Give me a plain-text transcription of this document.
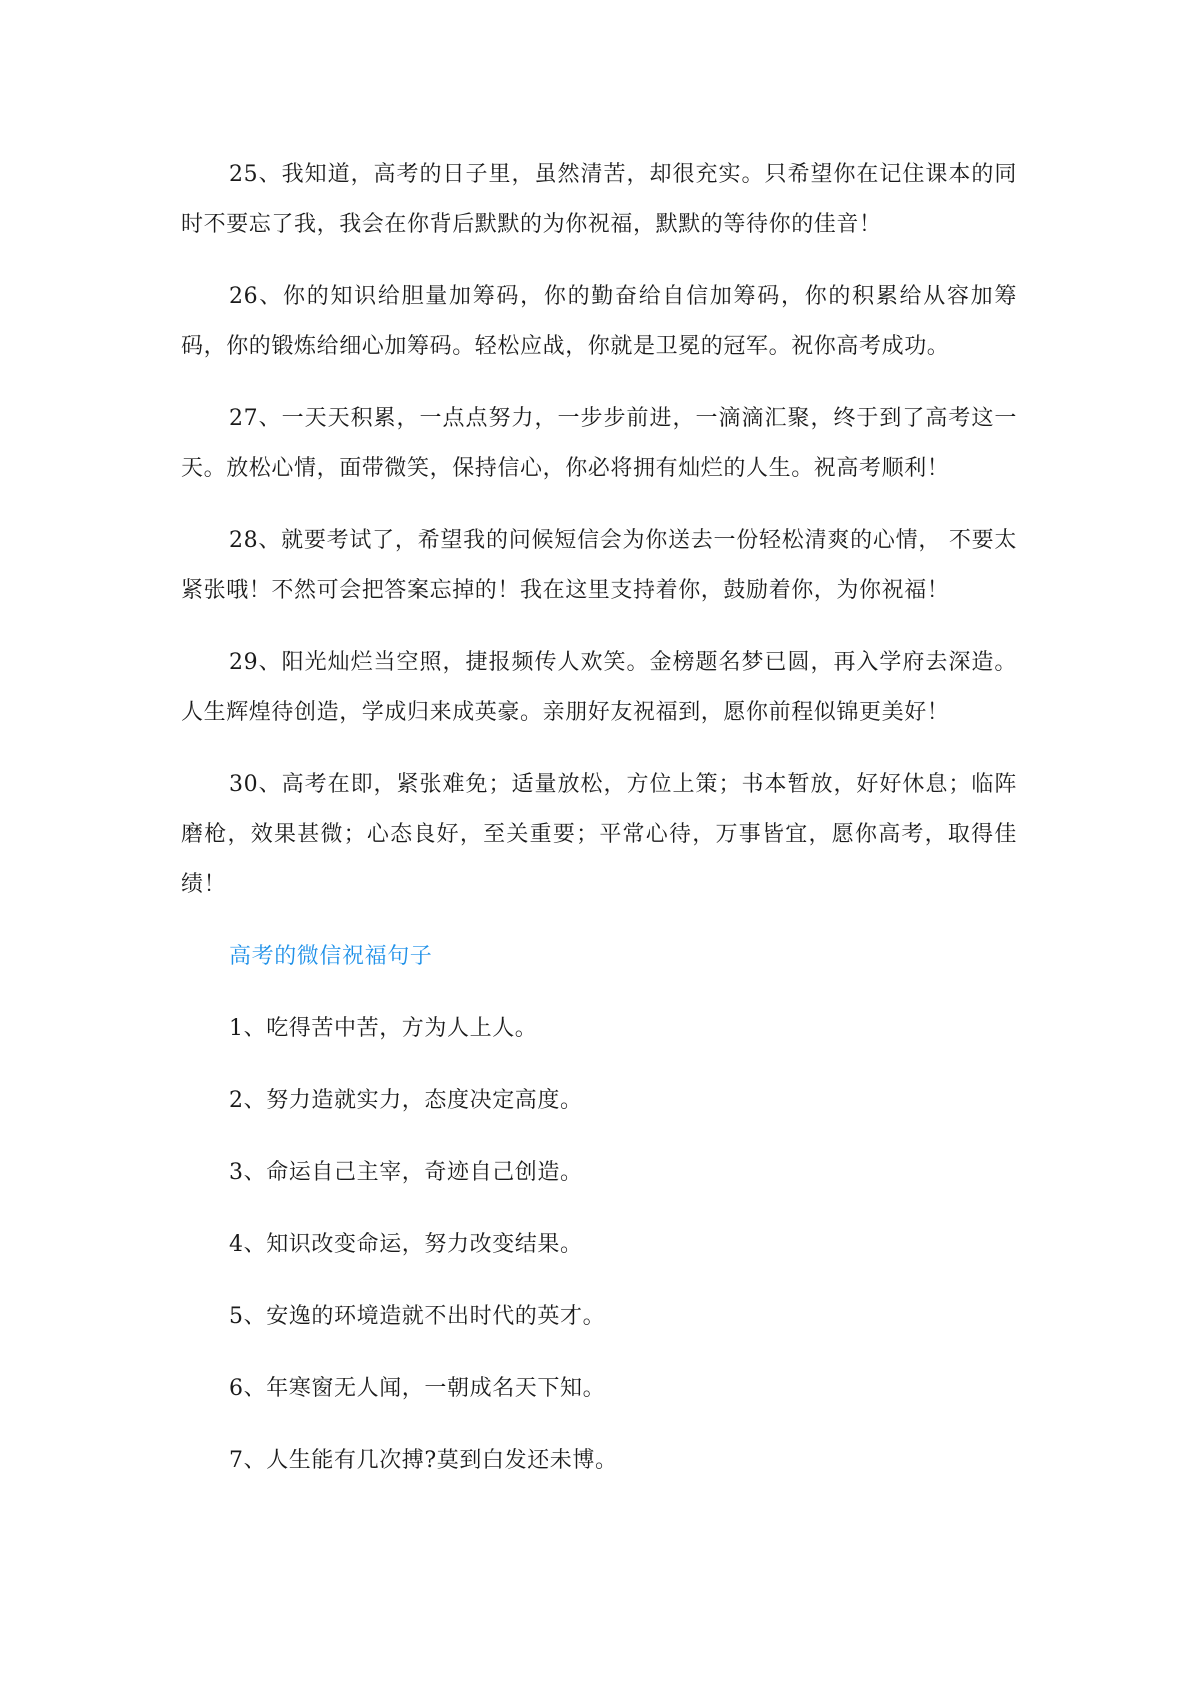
25、我知道，高考的日子里，虽然清苦，却很充实。只希望你在记住课本的同时不要忘了我，我会在你背后默默的为你祝福，默默的等待你的佳音！

26、你的知识给胆量加筹码，你的勤奋给自信加筹码，你的积累给从容加筹码，你的锻炼给细心加筹码。轻松应战，你就是卫冕的冠军。祝你高考成功。

27、一天天积累，一点点努力，一步步前进，一滴滴汇聚，终于到了高考这一天。放松心情，面带微笑，保持信心，你必将拥有灿烂的人生。祝高考顺利！

28、就要考试了，希望我的问候短信会为你送去一份轻松清爽的心情， 不要太紧张哦！不然可会把答案忘掉的！我在这里支持着你，鼓励着你，为你祝福！

29、阳光灿烂当空照，捷报频传人欢笑。金榜题名梦已圆，再入学府去深造。人生辉煌待创造，学成归来成英豪。亲朋好友祝福到，愿你前程似锦更美好！

30、高考在即，紧张难免；适量放松，方位上策；书本暂放，好好休息；临阵磨枪，效果甚微；心态良好，至关重要；平常心待，万事皆宜，愿你高考，取得佳绩！

高考的微信祝福句子

1、吃得苦中苦，方为人上人。

2、努力造就实力，态度决定高度。

3、命运自己主宰，奇迹自己创造。

4、知识改变命运，努力改变结果。

5、安逸的环境造就不出时代的英才。

6、年寒窗无人闻，一朝成名天下知。

7、人生能有几次搏?莫到白发还未博。
